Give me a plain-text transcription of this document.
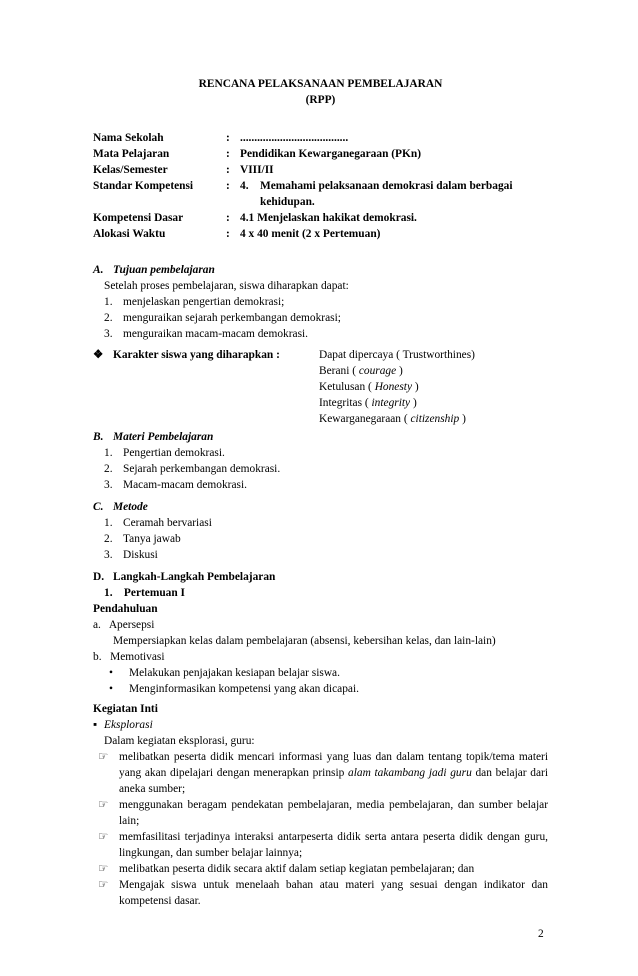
RENCANA PELAKSANAAN PEMBELAJARAN
(RPP)
Nama Sekolah	: ......................................
Mata Pelajaran	: Pendidikan Kewarganegaraan (PKn)
Kelas/Semester	: VIII/II
Standar Kompetensi	: 4.	Memahami pelaksanaan demokrasi dalam berbagai kehidupan.
Kompetensi Dasar	: 4.1 Menjelaskan hakikat demokrasi.
Alokasi Waktu	: 4 x 40 menit (2 x Pertemuan)
A. Tujuan pembelajaran
Setelah proses pembelajaran, siswa diharapkan dapat:
1. menjelaskan pengertian demokrasi;
2. menguraikan sejarah perkembangan demokrasi;
3. menguraikan macam-macam demokrasi.
❖ Karakter siswa yang diharapkan :	Dapat dipercaya ( Trustworthines)
Berani ( courage )
Ketulusan ( Honesty )
Integritas ( integrity )
Kewarganegaraan ( citizenship )
B. Materi Pembelajaran
1. Pengertian demokrasi.
2. Sejarah perkembangan demokrasi.
3. Macam-macam demokrasi.
C. Metode
1. Ceramah bervariasi
2. Tanya jawab
3. Diskusi
D. Langkah-Langkah Pembelajaran
1.    Pertemuan I
Pendahuluan
a.   Apersepsi
Mempersiapkan kelas dalam pembelajaran (absensi, kebersihan kelas, dan lain-lain)
b.   Memotivasi
•	Melakukan penjajakan kesiapan belajar siswa.
•	Menginformasikan kompetensi yang akan dicapai.
Kegiatan Inti
▪ Eksplorasi
Dalam kegiatan eksplorasi, guru:
☞ melibatkan peserta didik mencari informasi yang luas dan dalam tentang topik/tema materi yang akan dipelajari dengan menerapkan prinsip alam takambang jadi guru dan belajar dari aneka sumber;
☞ menggunakan beragam pendekatan pembelajaran, media pembelajaran, dan sumber belajar lain;
☞ memfasilitasi terjadinya interaksi antarpeserta didik serta antara peserta didik dengan guru, lingkungan, dan sumber belajar lainnya;
☞ melibatkan peserta didik secara aktif dalam setiap kegiatan pembelajaran; dan
☞ Mengajak siswa untuk menelaah bahan atau materi yang sesuai dengan indikator dan kompetensi dasar.
2
